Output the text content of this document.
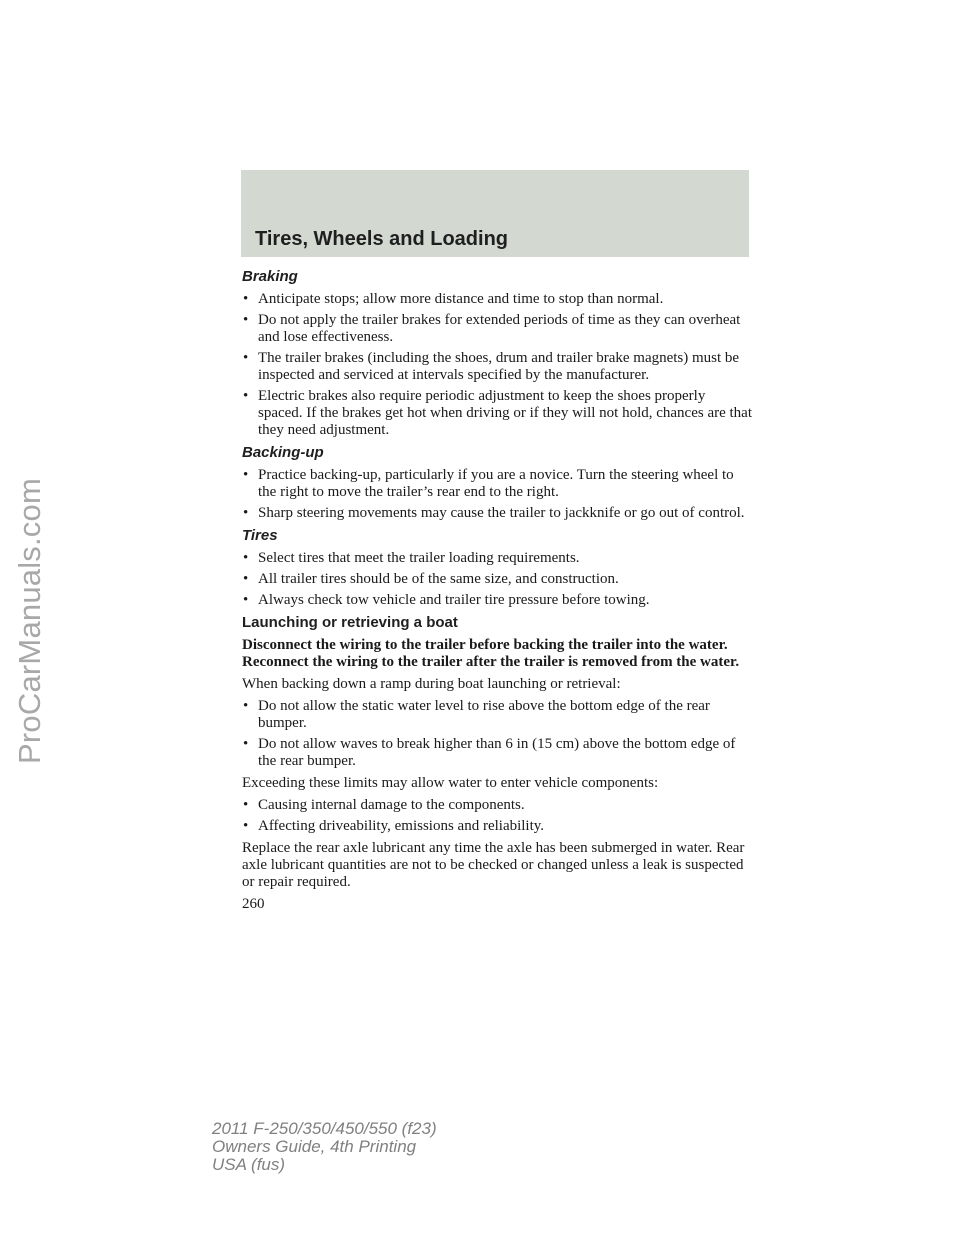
ProCarManuals.com
Tires, Wheels and Loading
Braking
• Anticipate stops; allow more distance and time to stop than normal.
• Do not apply the trailer brakes for extended periods of time as they can overheat and lose effectiveness.
• The trailer brakes (including the shoes, drum and trailer brake magnets) must be inspected and serviced at intervals specified by the manufacturer.
• Electric brakes also require periodic adjustment to keep the shoes properly spaced. If the brakes get hot when driving or if they will not hold, chances are that they need adjustment.
Backing-up
• Practice backing-up, particularly if you are a novice. Turn the steering wheel to the right to move the trailer’s rear end to the right.
• Sharp steering movements may cause the trailer to jackknife or go out of control.
Tires
• Select tires that meet the trailer loading requirements.
• All trailer tires should be of the same size, and construction.
• Always check tow vehicle and trailer tire pressure before towing.
Launching or retrieving a boat

Disconnect the wiring to the trailer before backing the trailer into the water. Reconnect the wiring to the trailer after the trailer is removed from the water.

When backing down a ramp during boat launching or retrieval:

• Do not allow the static water level to rise above the bottom edge of the rear bumper.
• Do not allow waves to break higher than 6 in (15 cm) above the bottom edge of the rear bumper.

Exceeding these limits may allow water to enter vehicle components:

• Causing internal damage to the components.
• Affecting driveability, emissions and reliability.

Replace the rear axle lubricant any time the axle has been submerged in water. Rear axle lubricant quantities are not to be checked or changed unless a leak is suspected or repair required.

260

2011 F-250/350/450/550 (f23)
Owners Guide, 4th Printing
USA (fus)
